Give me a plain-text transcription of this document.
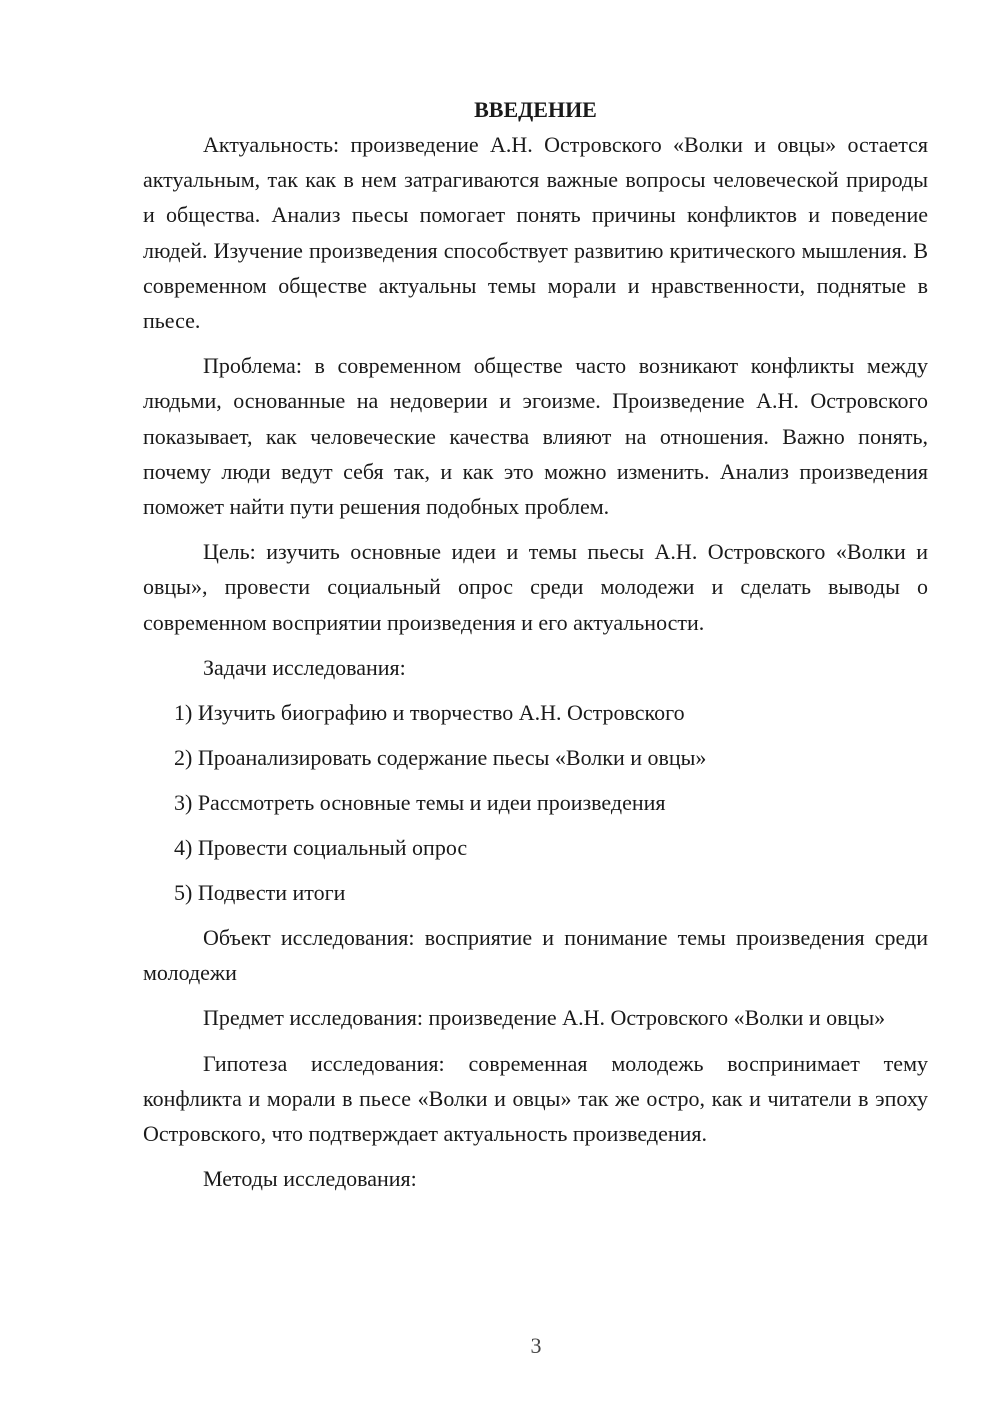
ВВЕДЕНИЕ

Актуальность: произведение А.Н. Островского «Волки и овцы» остается актуальным, так как в нем затрагиваются важные вопросы человеческой природы и общества. Анализ пьесы помогает понять причины конфликтов и поведение людей. Изучение произведения способствует развитию критического мышления. В современном обществе актуальны темы морали и нравственности, поднятые в пьесе.

Проблема: в современном обществе часто возникают конфликты между людьми, основанные на недоверии и эгоизме. Произведение А.Н. Островского показывает, как человеческие качества влияют на отношения. Важно понять, почему люди ведут себя так, и как это можно изменить. Анализ произведения поможет найти пути решения подобных проблем.

Цель: изучить основные идеи и темы пьесы А.Н. Островского «Волки и овцы», провести социальный опрос среди молодежи и сделать выводы о современном восприятии произведения и его актуальности.

Задачи исследования:

1) Изучить биографию и творчество А.Н. Островского

2) Проанализировать содержание пьесы «Волки и овцы»

3) Рассмотреть основные темы и идеи произведения

4) Провести социальный опрос

5) Подвести итоги

Объект исследования: восприятие и понимание темы произведения среди молодежи

Предмет исследования: произведение А.Н. Островского «Волки и овцы»

Гипотеза исследования: современная молодежь воспринимает тему конфликта и морали в пьесе «Волки и овцы» так же остро, как и читатели в эпоху Островского, что подтверждает актуальность произведения.

Методы исследования:

3
